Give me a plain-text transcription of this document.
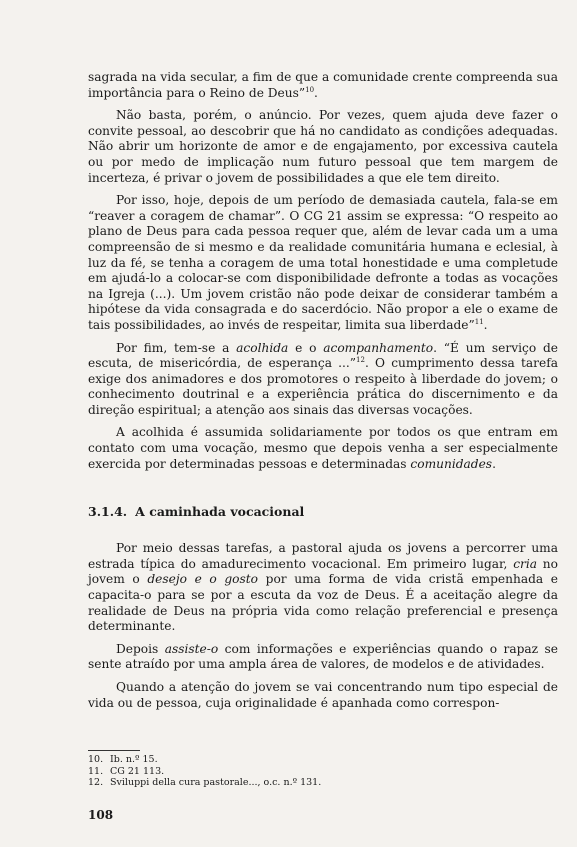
sagrada na vida secular, a fim de que a comunidade crente compreenda sua importância para o Reino de Deus”$^{10}$.

Não basta, porém, o anúncio. Por vezes, quem ajuda deve fazer o convite pessoal, ao descobrir que há no candidato as condições adequadas. Não abrir um horizonte de amor e de engajamento, por excessiva cautela ou por medo de implicação num futuro pessoal que tem margem de incerteza, é privar o jovem de possibilidades a que ele tem direito.

Por isso, hoje, depois de um período de demasiada cautela, fala-se em “reaver a coragem de chamar”. O CG 21 assim se expressa: “O respeito ao plano de Deus para cada pessoa requer que, além de levar cada um a uma compreensão de si mesmo e da realidade comunitária humana e eclesial, à luz da fé, se tenha a coragem de uma total honestidade e uma completude em ajudá-lo a colocar-se com disponibilidade defronte a todas as vocações na Igreja (...). Um jovem cristão não pode deixar de considerar também a hipótese da vida consagrada e do sacerdócio. Não propor a ele o exame de tais possibilidades, ao invés de respeitar, limita sua liberdade”$^{11}$.

Por fim, tem-se a acolhida e o acompanhamento. “É um serviço de escuta, de misericórdia, de esperança ...”$^{12}$. O cumprimento dessa tarefa exige dos animadores e dos promotores o respeito à liberdade do jovem; o conhecimento doutrinal e a experiência prática do discernimento e da direção espiritual; a atenção aos sinais das diversas vocações.

A acolhida é assumida solidariamente por todos os que entram em contato com uma vocação, mesmo que depois venha a ser especialmente exercida por determinadas pessoas e determinadas comunidades.

3.1.4. A caminhada vocacional

Por meio dessas tarefas, a pastoral ajuda os jovens a percorrer uma estrada típica do amadurecimento vocacional. Em primeiro lugar, cria no jovem o desejo e o gosto por uma forma de vida cristã empenhada e capacita-o para se por a escuta da voz de Deus. É a aceitação alegre da realidade de Deus na própria vida como relação preferencial e presença determinante.

Depois assiste-o com informações e experiências quando o rapaz se sente atraído por uma ampla área de valores, de modelos e de atividades.

Quando a atenção do jovem se vai concentrando num tipo especial de vida ou de pessoa, cuja originalidade é apanhada como correspon-

10. Ib. n.º 15.
11. CG 21 113.
12. Sviluppi della cura pastorale..., o.c. n.º 131.
108
